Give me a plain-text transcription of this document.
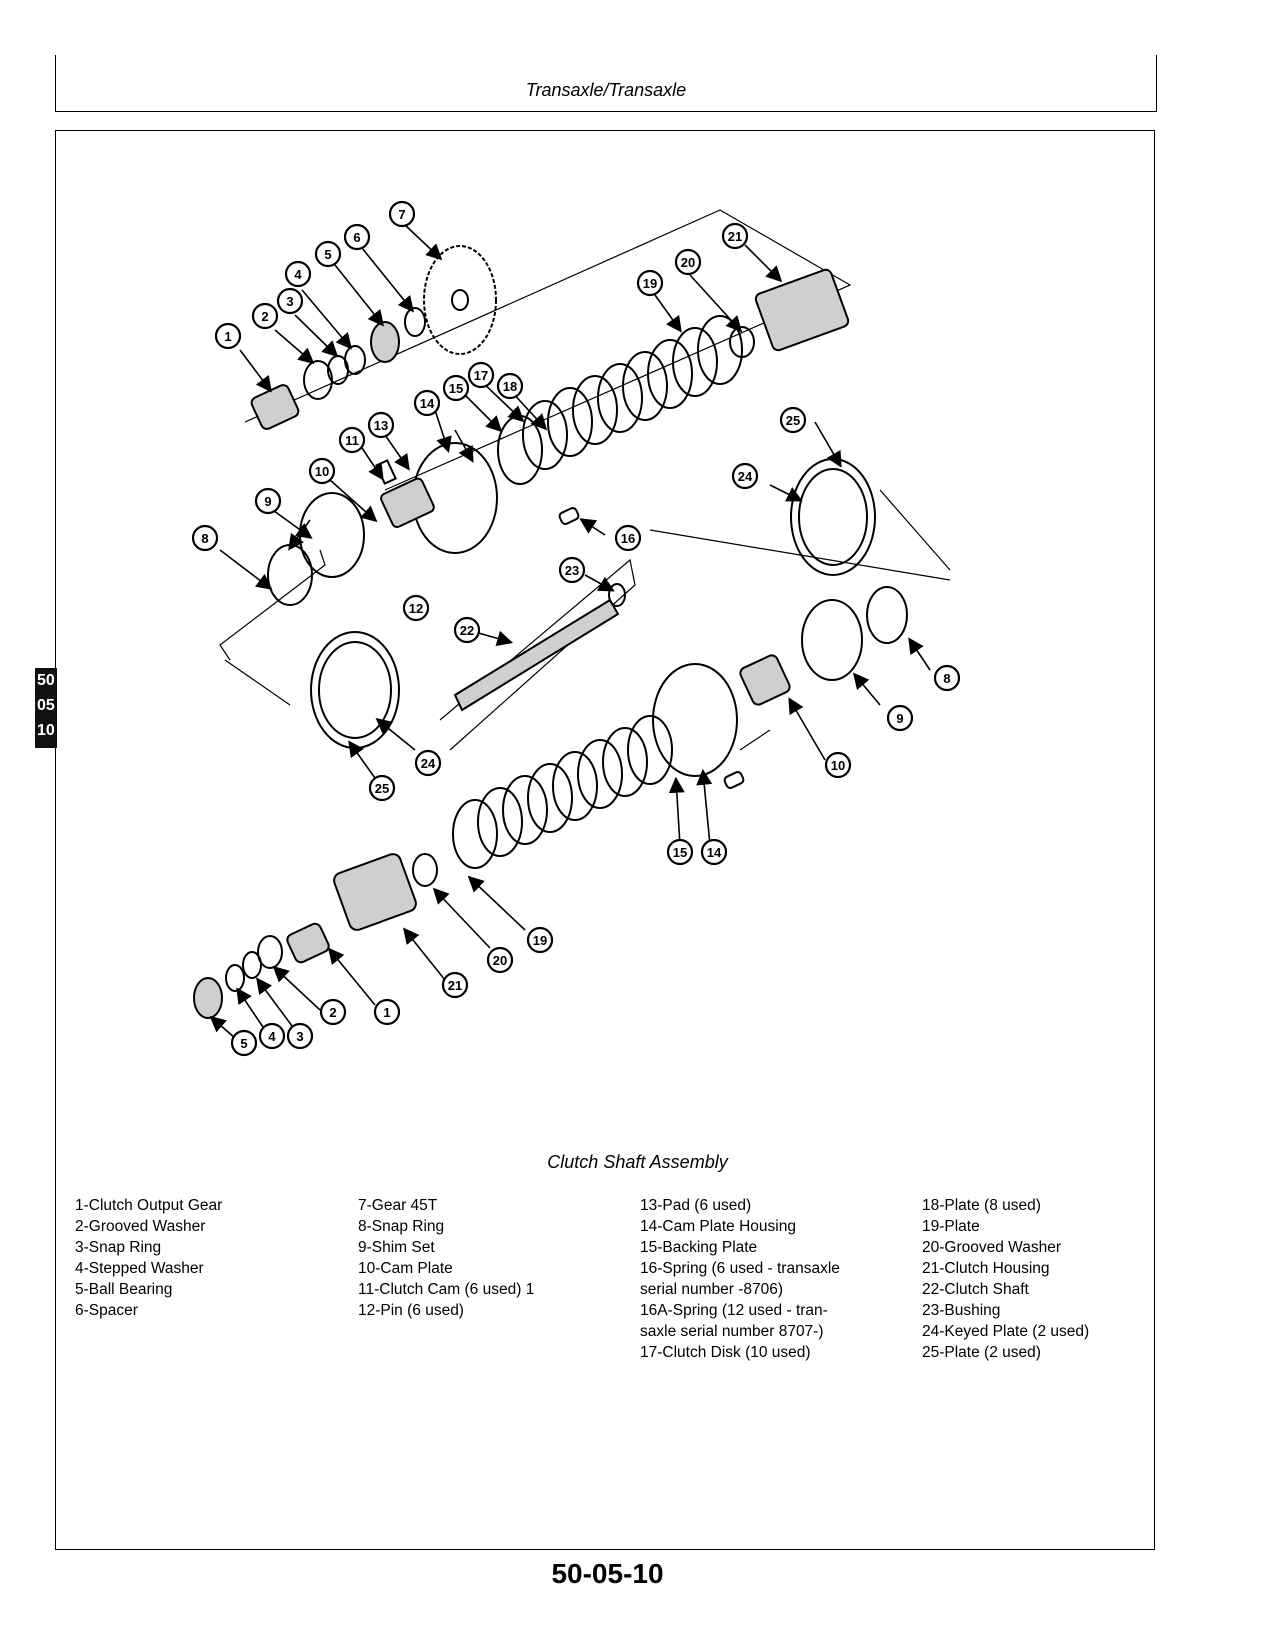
Transaxle/Transaxle
50
05
10
1
2
3
4
5
6
7
8
9
10
11
12
13
14
15
16
17
18
19
20
21
22
23
24
25
25
24
8
9
10
14
15
19
20
21
1
2
3
4
5
Clutch Shaft Assembly
1-Clutch Output Gear
2-Grooved Washer
3-Snap Ring
4-Stepped Washer
5-Ball Bearing
6-Spacer
7-Gear 45T
8-Snap Ring
9-Shim Set
10-Cam Plate
11-Clutch Cam (6 used) 1
12-Pin (6 used)
13-Pad (6 used)
14-Cam Plate Housing
15-Backing Plate
16-Spring (6 used - transaxle
serial number -8706)
16A-Spring (12 used - tran-
saxle serial number 8707-)
17-Clutch Disk (10 used)
18-Plate (8 used)
19-Plate
20-Grooved Washer
21-Clutch Housing
22-Clutch Shaft
23-Bushing
24-Keyed Plate (2 used)
25-Plate (2 used)
50-05-10
